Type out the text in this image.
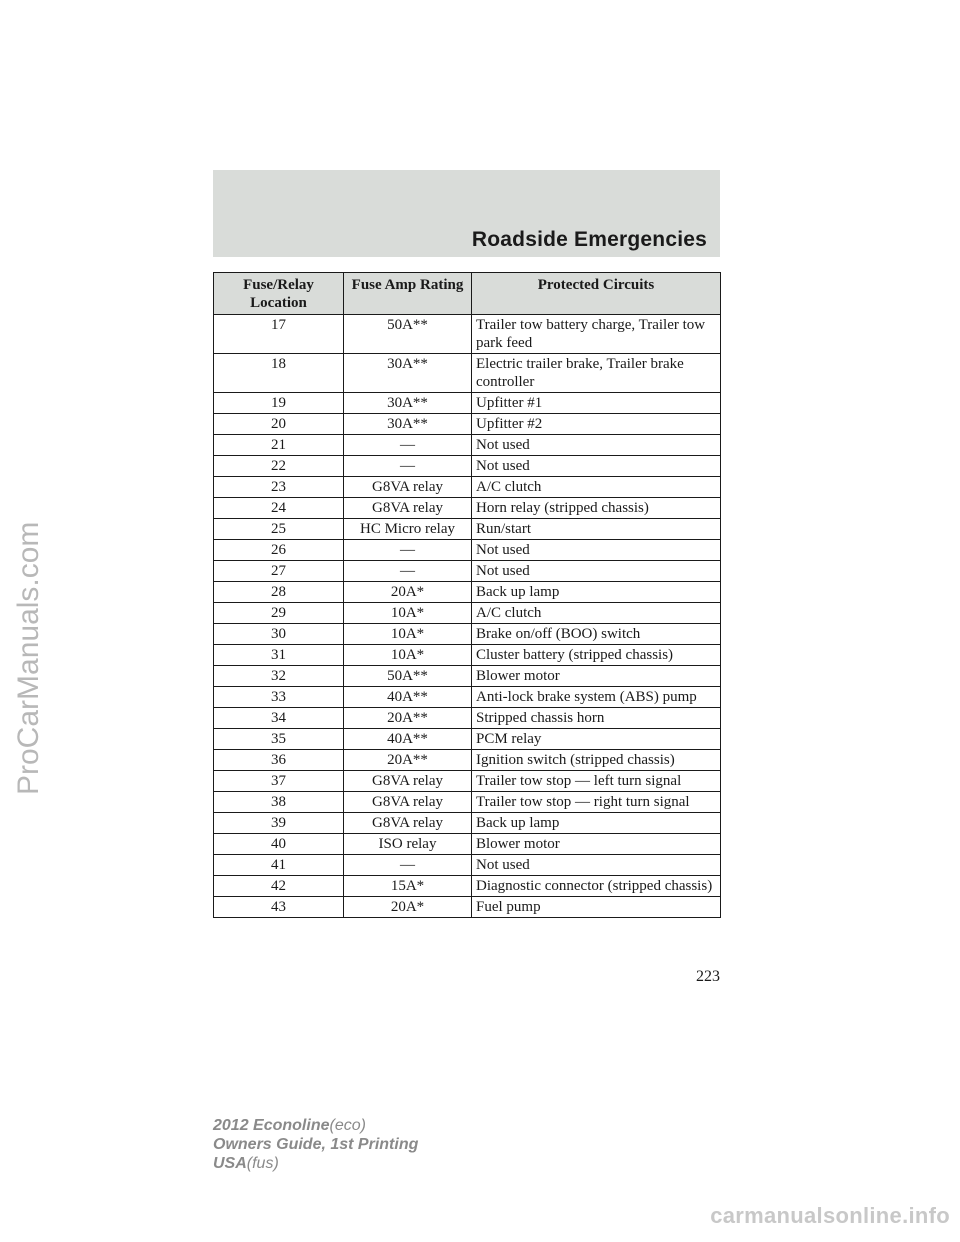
Roadside Emergencies
Fuse/Relay Location	Fuse Amp Rating	Protected Circuits
17	50A**	Trailer tow battery charge, Trailer tow park feed
18	30A**	Electric trailer brake, Trailer brake controller
19	30A**	Upfitter #1
20	30A**	Upfitter #2
21	—	Not used
22	—	Not used
23	G8VA relay	A/C clutch
24	G8VA relay	Horn relay (stripped chassis)
25	HC Micro relay	Run/start
26	—	Not used
27	—	Not used
28	20A*	Back up lamp
29	10A*	A/C clutch
30	10A*	Brake on/off (BOO) switch
31	10A*	Cluster battery (stripped chassis)
32	50A**	Blower motor
33	40A**	Anti-lock brake system (ABS) pump
34	20A**	Stripped chassis horn
35	40A**	PCM relay
36	20A**	Ignition switch (stripped chassis)
37	G8VA relay	Trailer tow stop — left turn signal
38	G8VA relay	Trailer tow stop — right turn signal
39	G8VA relay	Back up lamp
40	ISO relay	Blower motor
41	—	Not used
42	15A*	Diagnostic connector (stripped chassis)
43	20A*	Fuel pump
223
2012 Econoline(eco)
Owners Guide, 1st Printing
USA(fus)
ProCarManuals.com
carmanualsonline.info
